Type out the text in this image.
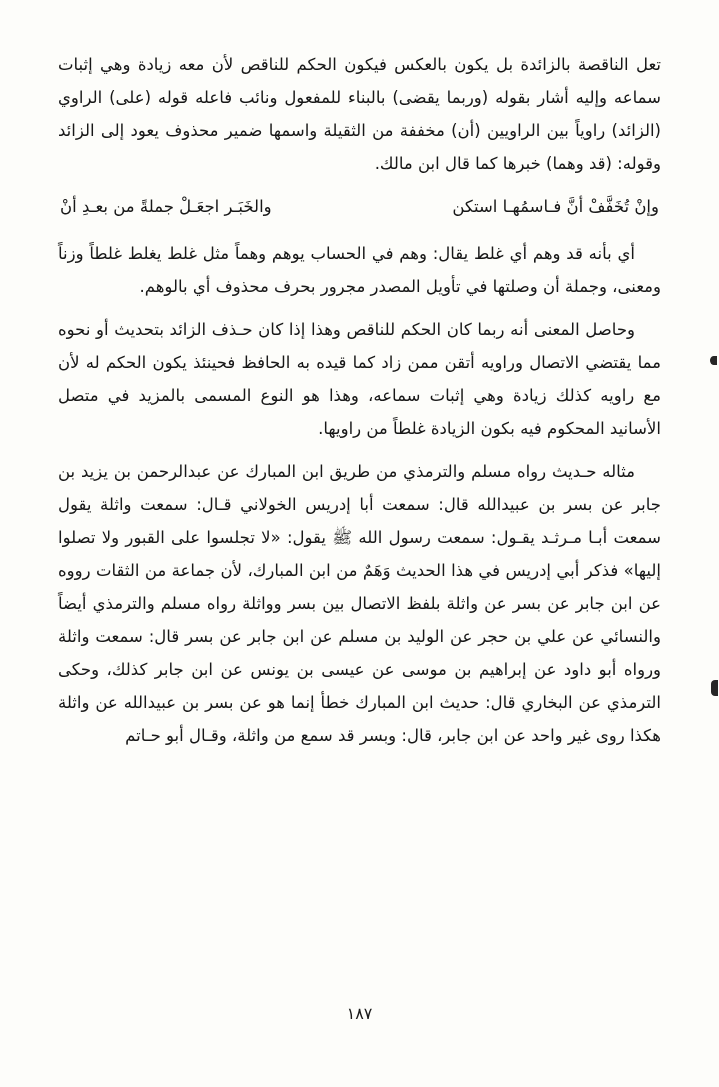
تعل الناقصة بالزائدة بل يكون بالعكس فيكون الحكم للناقص لأن معه زيادة وهي إثبات سماعه وإليه أشار بقوله (وربما يقضى) بالبناء للمفعول ونائب فاعله قوله (على) الراوي (الزائد) راوياً بين الراويين (أن) مخففة من الثقيلة واسمها ضمير محذوف يعود إلى الزائد وقوله: (قد وهما) خبرها كما قال ابن مالك.

وإنْ تُخَفَّفْ أنَّ فـاسمُهـا استكن
والخَبَـر اجعَـلْ جملةً من بعـدِ أنْ

أي بأنه قد وهم أي غلط يقال: وهم في الحساب يوهم وهماً مثل غلط يغلط غلطاً وزناً ومعنى، وجملة أن وصلتها في تأويل المصدر مجرور بحرف محذوف أي بالوهم.

وحاصل المعنى أنه ربما كان الحكم للناقص وهذا إذا كان حـذف الزائد بتحديث أو نحوه مما يقتضي الاتصال وراويه أتقن ممن زاد كما قيده به الحافظ فحينئذ يكون الحكم له لأن مع راويه كذلك زيادة وهي إثبات سماعه، وهذا هو النوع المسمى بالمزيد في متصل الأسانيد المحكوم فيه بكون الزيادة غلطاً من راويها.

مثاله حـديث رواه مسلم والترمذي من طريق ابن المبارك عن عبدالرحمن بن يزيد بن جابر عن بسر بن عبيدالله قال: سمعت أبا إدريس الخولاني قـال: سمعت واثلة يقول سمعت أبـا مـرثـد يقـول: سمعت رسول الله ﷺ يقول: «لا تجلسوا على القبور ولا تصلوا إليها» فذكر أبي إدريس في هذا الحديث وَهَمٌ من ابن المبارك، لأن جماعة من الثقات رووه عن ابن جابر عن بسر عن واثلة بلفظ الاتصال بين بسر وواثلة رواه مسلم والترمذي أيضاً والنسائي عن علي بن حجر عن الوليد بن مسلم عن ابن جابر عن بسر قال: سمعت واثلة ورواه أبو داود عن إبراهيم بن موسى عن عيسى بن يونس عن ابن جابر كذلك، وحكى الترمذي عن البخاري قال: حديث ابن المبارك خطأ إنما هو عن بسر بن عبيدالله عن واثلة هكذا روى غير واحد عن ابن جابر، قال: وبسر قد سمع من واثلة، وقـال أبو حـاتم

١٨٧
